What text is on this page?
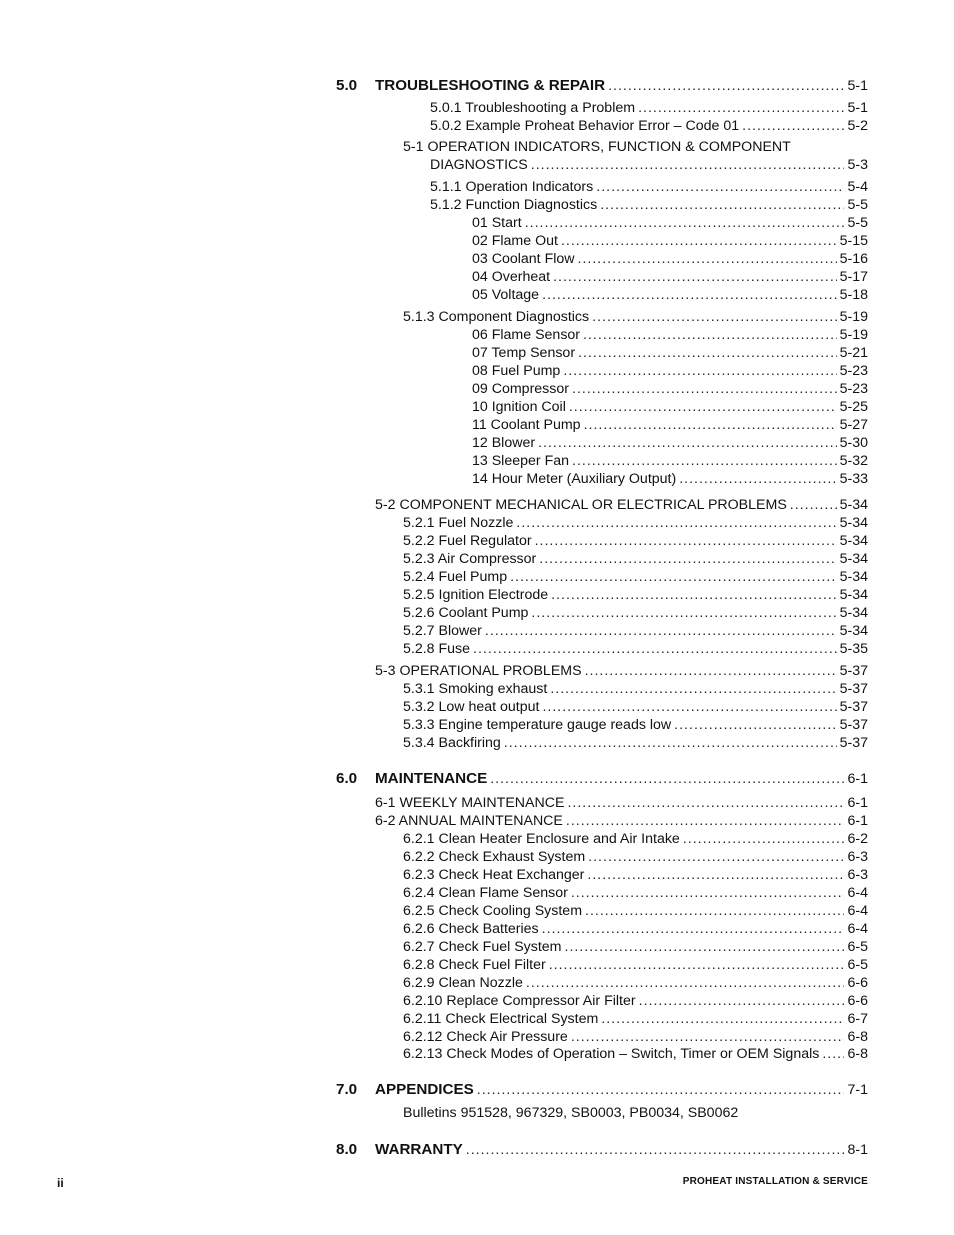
5.0 TROUBLESHOOTING & REPAIR .....	5-1
5.0.1 Troubleshooting a Problem .....	5-1
5.0.2 Example Proheat Behavior Error – Code 01 .....	5-2
5-1 OPERATION INDICATORS, FUNCTION & COMPONENT
DIAGNOSTICS .....	5-3
5.1.1 Operation Indicators .....	5-4
5.1.2 Function Diagnostics .....	5-5
01 Start .....	5-5
02 Flame Out .....	5-15
03 Coolant Flow .....	5-16
04 Overheat .....	5-17
05 Voltage .....	5-18
5.1.3 Component Diagnostics .....	5-19
06 Flame Sensor .....	5-19
07 Temp Sensor .....	5-21
08 Fuel Pump .....	5-23
09 Compressor .....	5-23
10 Ignition Coil .....	5-25
11 Coolant Pump .....	5-27
12 Blower .....	5-30
13 Sleeper Fan .....	5-32
14 Hour Meter (Auxiliary Output) .....	5-33
5-2 COMPONENT MECHANICAL OR ELECTRICAL PROBLEMS .....	5-34
5.2.1 Fuel Nozzle .....	5-34
5.2.2 Fuel Regulator .....	5-34
5.2.3 Air Compressor .....	5-34
5.2.4 Fuel Pump .....	5-34
5.2.5 Ignition Electrode .....	5-34
5.2.6 Coolant Pump .....	5-34
5.2.7 Blower .....	5-34
5.2.8 Fuse .....	5-35
5-3 OPERATIONAL PROBLEMS .....	5-37
5.3.1 Smoking exhaust .....	5-37
5.3.2 Low heat output .....	5-37
5.3.3 Engine temperature gauge reads low .....	5-37
5.3.4 Backfiring .....	5-37
6.0 MAINTENANCE .....	6-1
6-1 WEEKLY MAINTENANCE .....	6-1
6-2 ANNUAL MAINTENANCE .....	6-1
6.2.1 Clean Heater Enclosure and Air Intake .....	6-2
6.2.2 Check Exhaust System .....	6-3
6.2.3 Check Heat Exchanger .....	6-3
6.2.4 Clean Flame Sensor .....	6-4
6.2.5 Check Cooling System .....	6-4
6.2.6 Check Batteries .....	6-4
6.2.7 Check Fuel System .....	6-5
6.2.8 Check Fuel Filter .....	6-5
6.2.9 Clean Nozzle .....	6-6
6.2.10 Replace Compressor Air Filter .....	6-6
6.2.11 Check Electrical System .....	6-7
6.2.12 Check Air Pressure .....	6-8
6.2.13 Check Modes of Operation – Switch, Timer or OEM Signals ..... 6-8
7.0 APPENDICES .....	7-1
Bulletins 951528, 967329, SB0003, PB0034, SB0062
8.0 WARRANTY .....	8-1
ii	PROHEAT INSTALLATION & SERVICE
